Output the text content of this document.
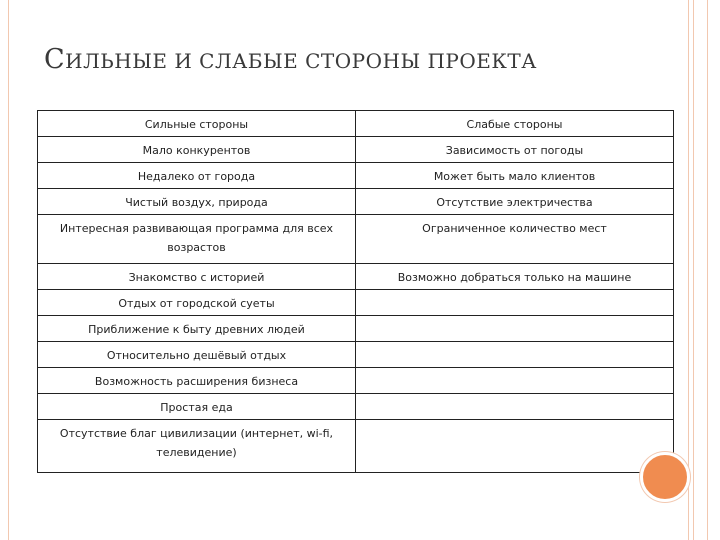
СИЛЬНЫЕ И СЛАБЫЕ СТОРОНЫ ПРОЕКТА
Сильные стороны	Слабые стороны
Мало конкурентов	Зависимость от погоды
Недалеко от города	Может быть мало клиентов
Чистый воздух, природа	Отсутствие электричества
Интересная развивающая программа для всех возрастов	Ограниченное количество мест
Знакомство с историей	Возможно добраться только на машине
Отдых от городской суеты	
Приближение к быту древних людей	
Относительно дешёвый отдых	
Возможность расширения бизнеса	
Простая еда	
Отсутствие благ цивилизации (интернет, wi-fi, телевидение)	
